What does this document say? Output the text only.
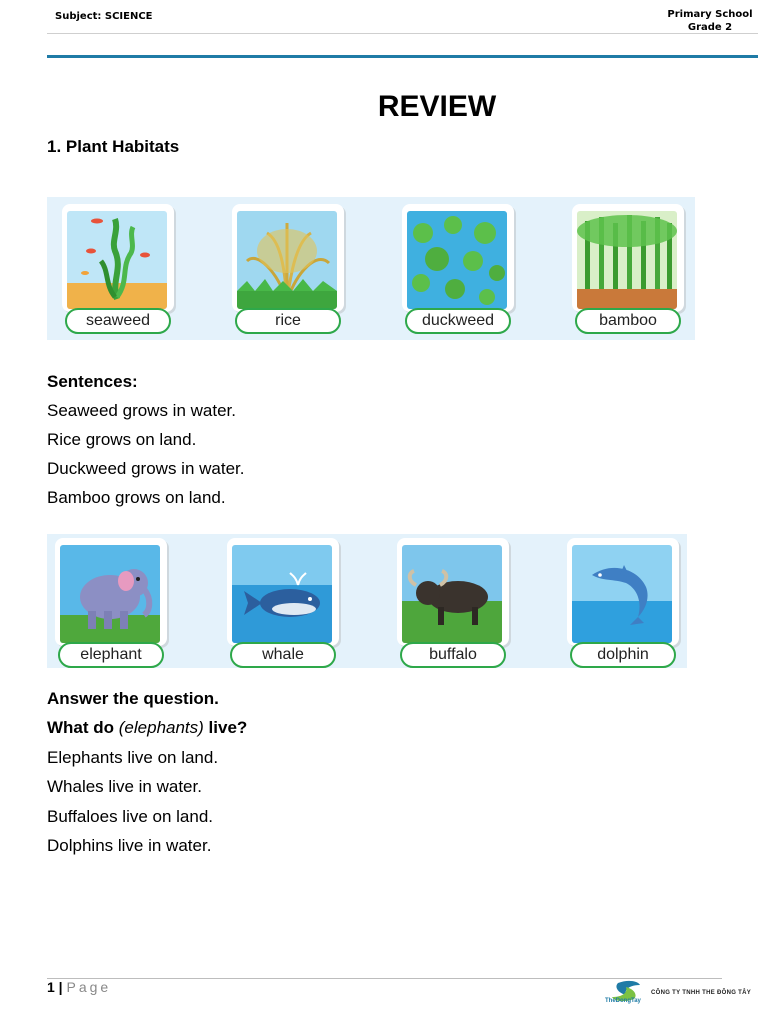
Subject: SCIENCE	Primary School
Grade 2
REVIEW
1. Plant Habitats
seaweed	rice	duckweed	bamboo
Sentences:
Seaweed grows in water.
Rice grows on land.
Duckweed grows in water.
Bamboo grows on land.
elephant	whale	buffalo	dolphin
Answer the question.
What do (elephants) live?
Elephants live on land.
Whales live in water.
Buffaloes live on land.
Dolphins live in water.
1 | Page
TheDongTay
CÔNG TY TNHH THE ĐÔNG TÂY
